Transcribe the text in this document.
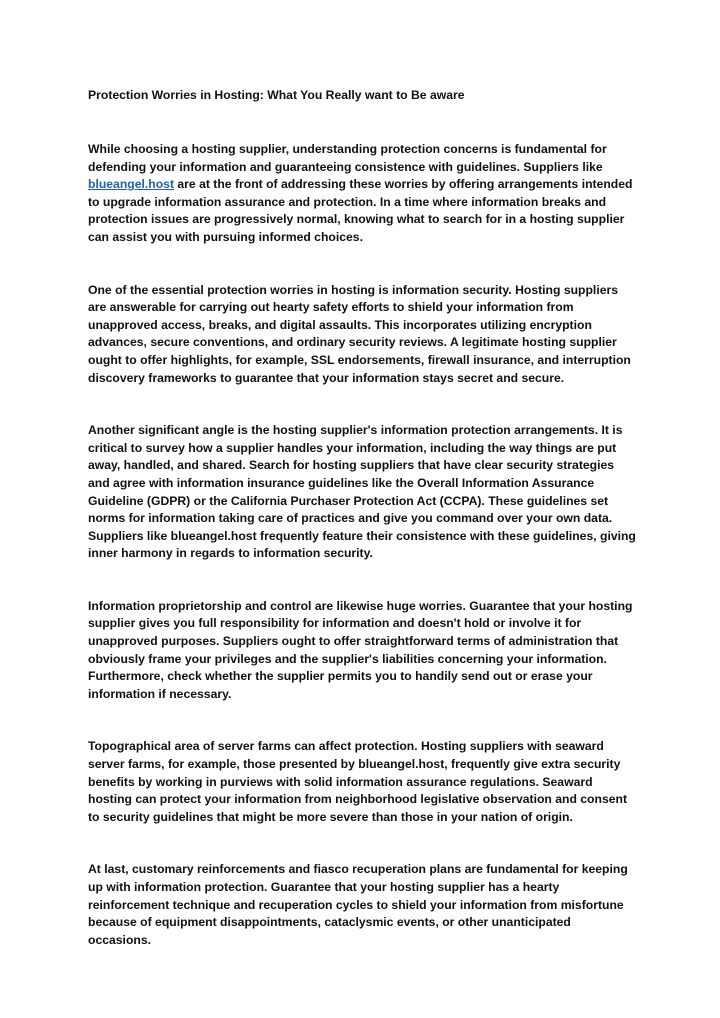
Protection Worries in Hosting: What You Really want to Be aware

While choosing a hosting supplier, understanding protection concerns is fundamental for defending your information and guaranteeing consistence with guidelines. Suppliers like blueangel.host are at the front of addressing these worries by offering arrangements intended to upgrade information assurance and protection. In a time where information breaks and protection issues are progressively normal, knowing what to search for in a hosting supplier can assist you with pursuing informed choices.

One of the essential protection worries in hosting is information security. Hosting suppliers are answerable for carrying out hearty safety efforts to shield your information from unapproved access, breaks, and digital assaults. This incorporates utilizing encryption advances, secure conventions, and ordinary security reviews. A legitimate hosting supplier ought to offer highlights, for example, SSL endorsements, firewall insurance, and interruption discovery frameworks to guarantee that your information stays secret and secure.

Another significant angle is the hosting supplier's information protection arrangements. It is critical to survey how a supplier handles your information, including the way things are put away, handled, and shared. Search for hosting suppliers that have clear security strategies and agree with information insurance guidelines like the Overall Information Assurance Guideline (GDPR) or the California Purchaser Protection Act (CCPA). These guidelines set norms for information taking care of practices and give you command over your own data. Suppliers like blueangel.host frequently feature their consistence with these guidelines, giving inner harmony in regards to information security.

Information proprietorship and control are likewise huge worries. Guarantee that your hosting supplier gives you full responsibility for information and doesn't hold or involve it for unapproved purposes. Suppliers ought to offer straightforward terms of administration that obviously frame your privileges and the supplier's liabilities concerning your information. Furthermore, check whether the supplier permits you to handily send out or erase your information if necessary.

Topographical area of server farms can affect protection. Hosting suppliers with seaward server farms, for example, those presented by blueangel.host, frequently give extra security benefits by working in purviews with solid information assurance regulations. Seaward hosting can protect your information from neighborhood legislative observation and consent to security guidelines that might be more severe than those in your nation of origin.

At last, customary reinforcements and fiasco recuperation plans are fundamental for keeping up with information protection. Guarantee that your hosting supplier has a hearty reinforcement technique and recuperation cycles to shield your information from misfortune because of equipment disappointments, cataclysmic events, or other unanticipated occasions.
